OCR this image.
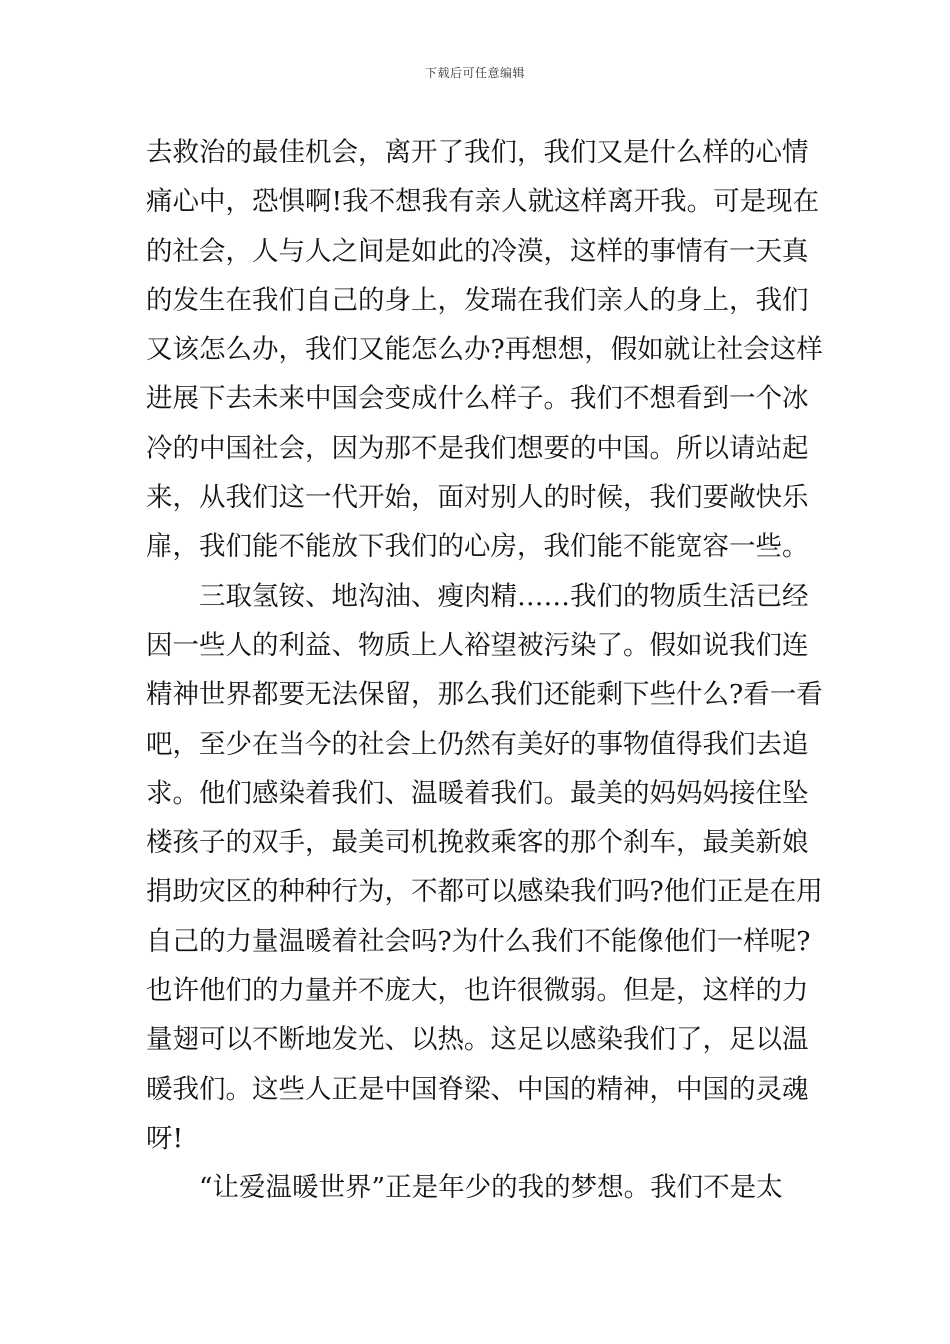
下载后可任意编辑
去救治的最佳机会，离开了我们，我们又是什么样的心情
痛心中，恐惧啊!我不想我有亲人就这样离开我。可是现在
的社会，人与人之间是如此的冷漠，这样的事情有一天真
的发生在我们自己的身上，发瑞在我们亲人的身上，我们
又该怎么办，我们又能怎么办?再想想，假如就让社会这样
进展下去未来中国会变成什么样子。我们不想看到一个冰
冷的中国社会，因为那不是我们想要的中国。所以请站起
来，从我们这一代开始，面对别人的时候，我们要敞快乐
扉，我们能不能放下我们的心房，我们能不能宽容一些。
三取氢铵、地沟油、瘦肉精……我们的物质生活已经
因一些人的利益、物质上人裕望被污染了。假如说我们连
精神世界都要无法保留，那么我们还能剩下些什么?看一看
吧，至少在当今的社会上仍然有美好的事物值得我们去追
求。他们感染着我们、温暖着我们。最美的妈妈妈接住坠
楼孩子的双手，最美司机挽救乘客的那个刹车，最美新娘
捐助灾区的种种行为，不都可以感染我们吗?他们正是在用
自己的力量温暖着社会吗?为什么我们不能像他们一样呢?
也许他们的力量并不庞大，也许很微弱。但是，这样的力
量翅可以不断地发光、以热。这足以感染我们了，足以温
暖我们。这些人正是中国脊梁、中国的精神，中国的灵魂
呀!
“让爱温暖世界”正是年少的我的梦想。我们不是太
